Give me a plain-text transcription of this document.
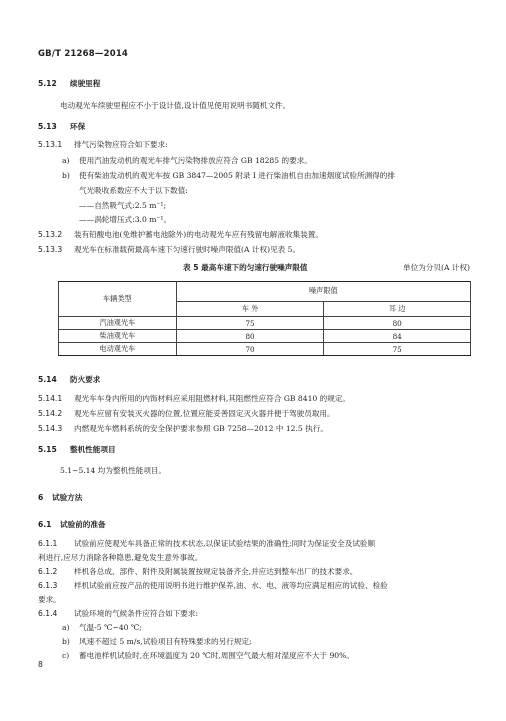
GB/T 21268—2014
5.12 续驶里程
电动观光车续驶里程应不小于设计值,设计值见使用说明书随机文件。
5.13 环保
5.13.1 排气污染物应符合如下要求:
a) 使用汽油发动机的观光车排气污染物排放应符合 GB 18285 的要求。
b) 使有柴油发动机的观光车按 GB 3847—2005 附录 I 进行柴油机自由加速烟度试验所测得的排
气光吸收系数应不大于以下数值:
——自然吸气式:2.5 m⁻¹;
——涡轮增压式:3.0 m⁻¹。
5.13.2 装有铅酸电池(免维护蓄电池除外)的电动观光车应有残留电解液收集装置。
5.13.3 观光车在标准载荷最高车速下匀速行驶时噪声限值(A 计权)见表 5。
表 5 最高车速下的匀速行驶噪声限值	单位为分贝(A 计权)
车辆类型	噪声限值	
	车 外	耳 边
汽油观光车	75	80
柴油观光车	80	84
电动观光车	70	75
5.14 防火要求
5.14.1 观光车车身内所用的内饰材料应采用阻燃材料,其阻燃性应符合 GB 8410 的规定。
5.14.2 观光车应留有安装灭火器的位置,位置应能妥善固定灭火器并便于驾驶员取用。
5.14.3 内燃观光车燃料系统的安全保护要求参照 GB 7258—2012 中 12.5 执行。
5.15 整机性能项目
5.1~5.14 均为整机性能项目。
6 试验方法
6.1 试验前的准备
6.1.1 试验前应使观光车具备正常的技术状态,以保证试验结果的准确性;同时为保证安全及试验顺
利进行,应尽力消除各种隐患,避免发生意外事故。
6.1.2 样机各总成、部件、附件及附属装置按规定装备齐全,并应达到整车出厂的技术要求。
6.1.3 样机试验前应按产品的使用说明书进行维护保养,油、水、电、液等均应满足相应的试验、检验
要求。
6.1.4 试验环境的气候条件应符合如下要求:
a) 气温-5 ℃~40 ℃;
b) 风速不超过 5 m/s,试验项目有特殊要求的另行规定;
c) 蓄电池样机试验时,在环境温度为 20 ℃时,周围空气最大相对湿度应不大于 90%。
8
